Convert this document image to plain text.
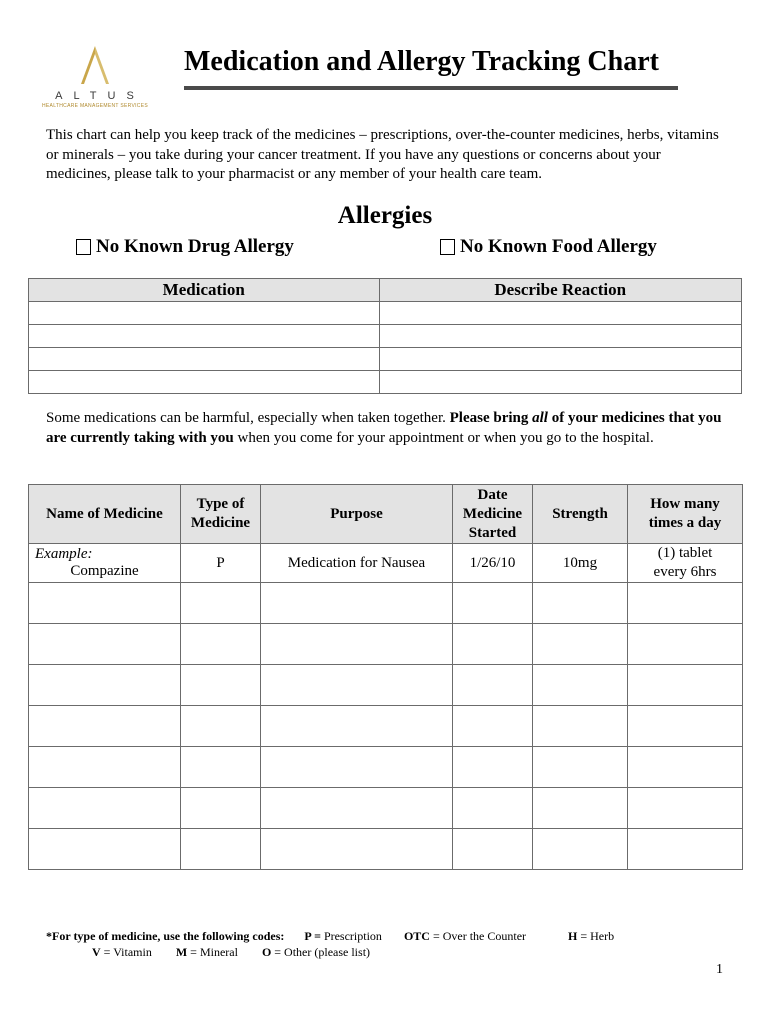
ALTUS
HEALTHCARE MANAGEMENT SERVICES
Medication and Allergy Tracking Chart
This chart can help you keep track of the medicines – prescriptions, over-the-counter medicines, herbs, vitamins or minerals – you take during your cancer treatment. If you have any questions or concerns about your medicines, please talk to your pharmacist or any member of your health care team.
Allergies
No Known Drug Allergy	No Known Food Allergy
Medication	Describe Reaction

Some medications can be harmful, especially when taken together. Please bring all of your medicines that you are currently taking with you when you come for your appointment or when you go to the hospital.
Name of Medicine	Type of Medicine	Purpose	Date Medicine Started	Strength	How many times a day

Example:
Compazine	P	Medication for Nausea	1/26/10	10mg	(1) tablet every 6hrs

*For type of medicine, use the following codes: P = Prescription OTC = Over the Counter	H = Herb
V = Vitamin M = Mineral O = Other (please list)
1
